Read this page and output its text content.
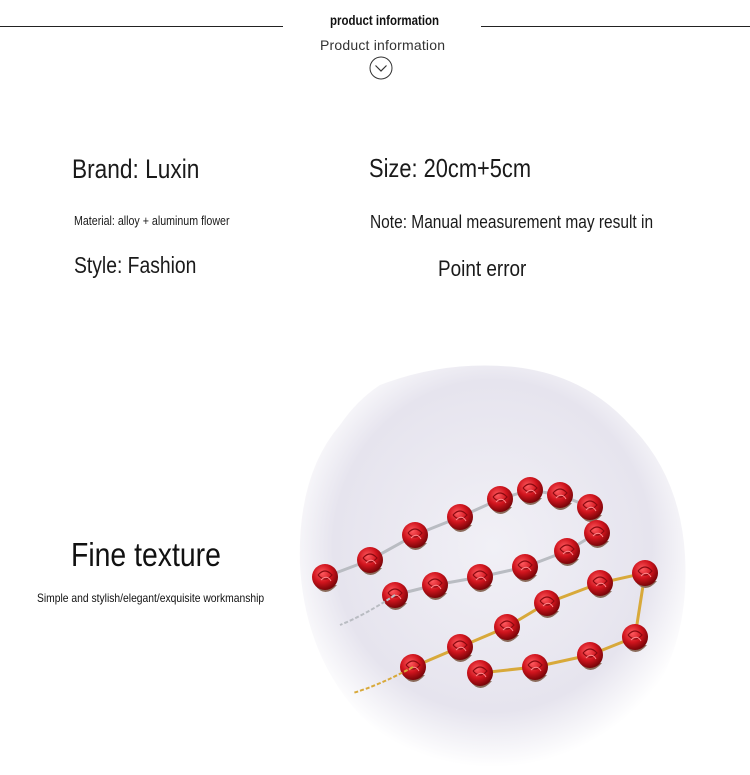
product information
Product information
Brand: Luxin
Material: alloy + aluminum flower
Style: Fashion
Size: 20cm+5cm
Note: Manual measurement may result in
Point error
Fine texture
Simple and stylish/elegant/exquisite workmanship
